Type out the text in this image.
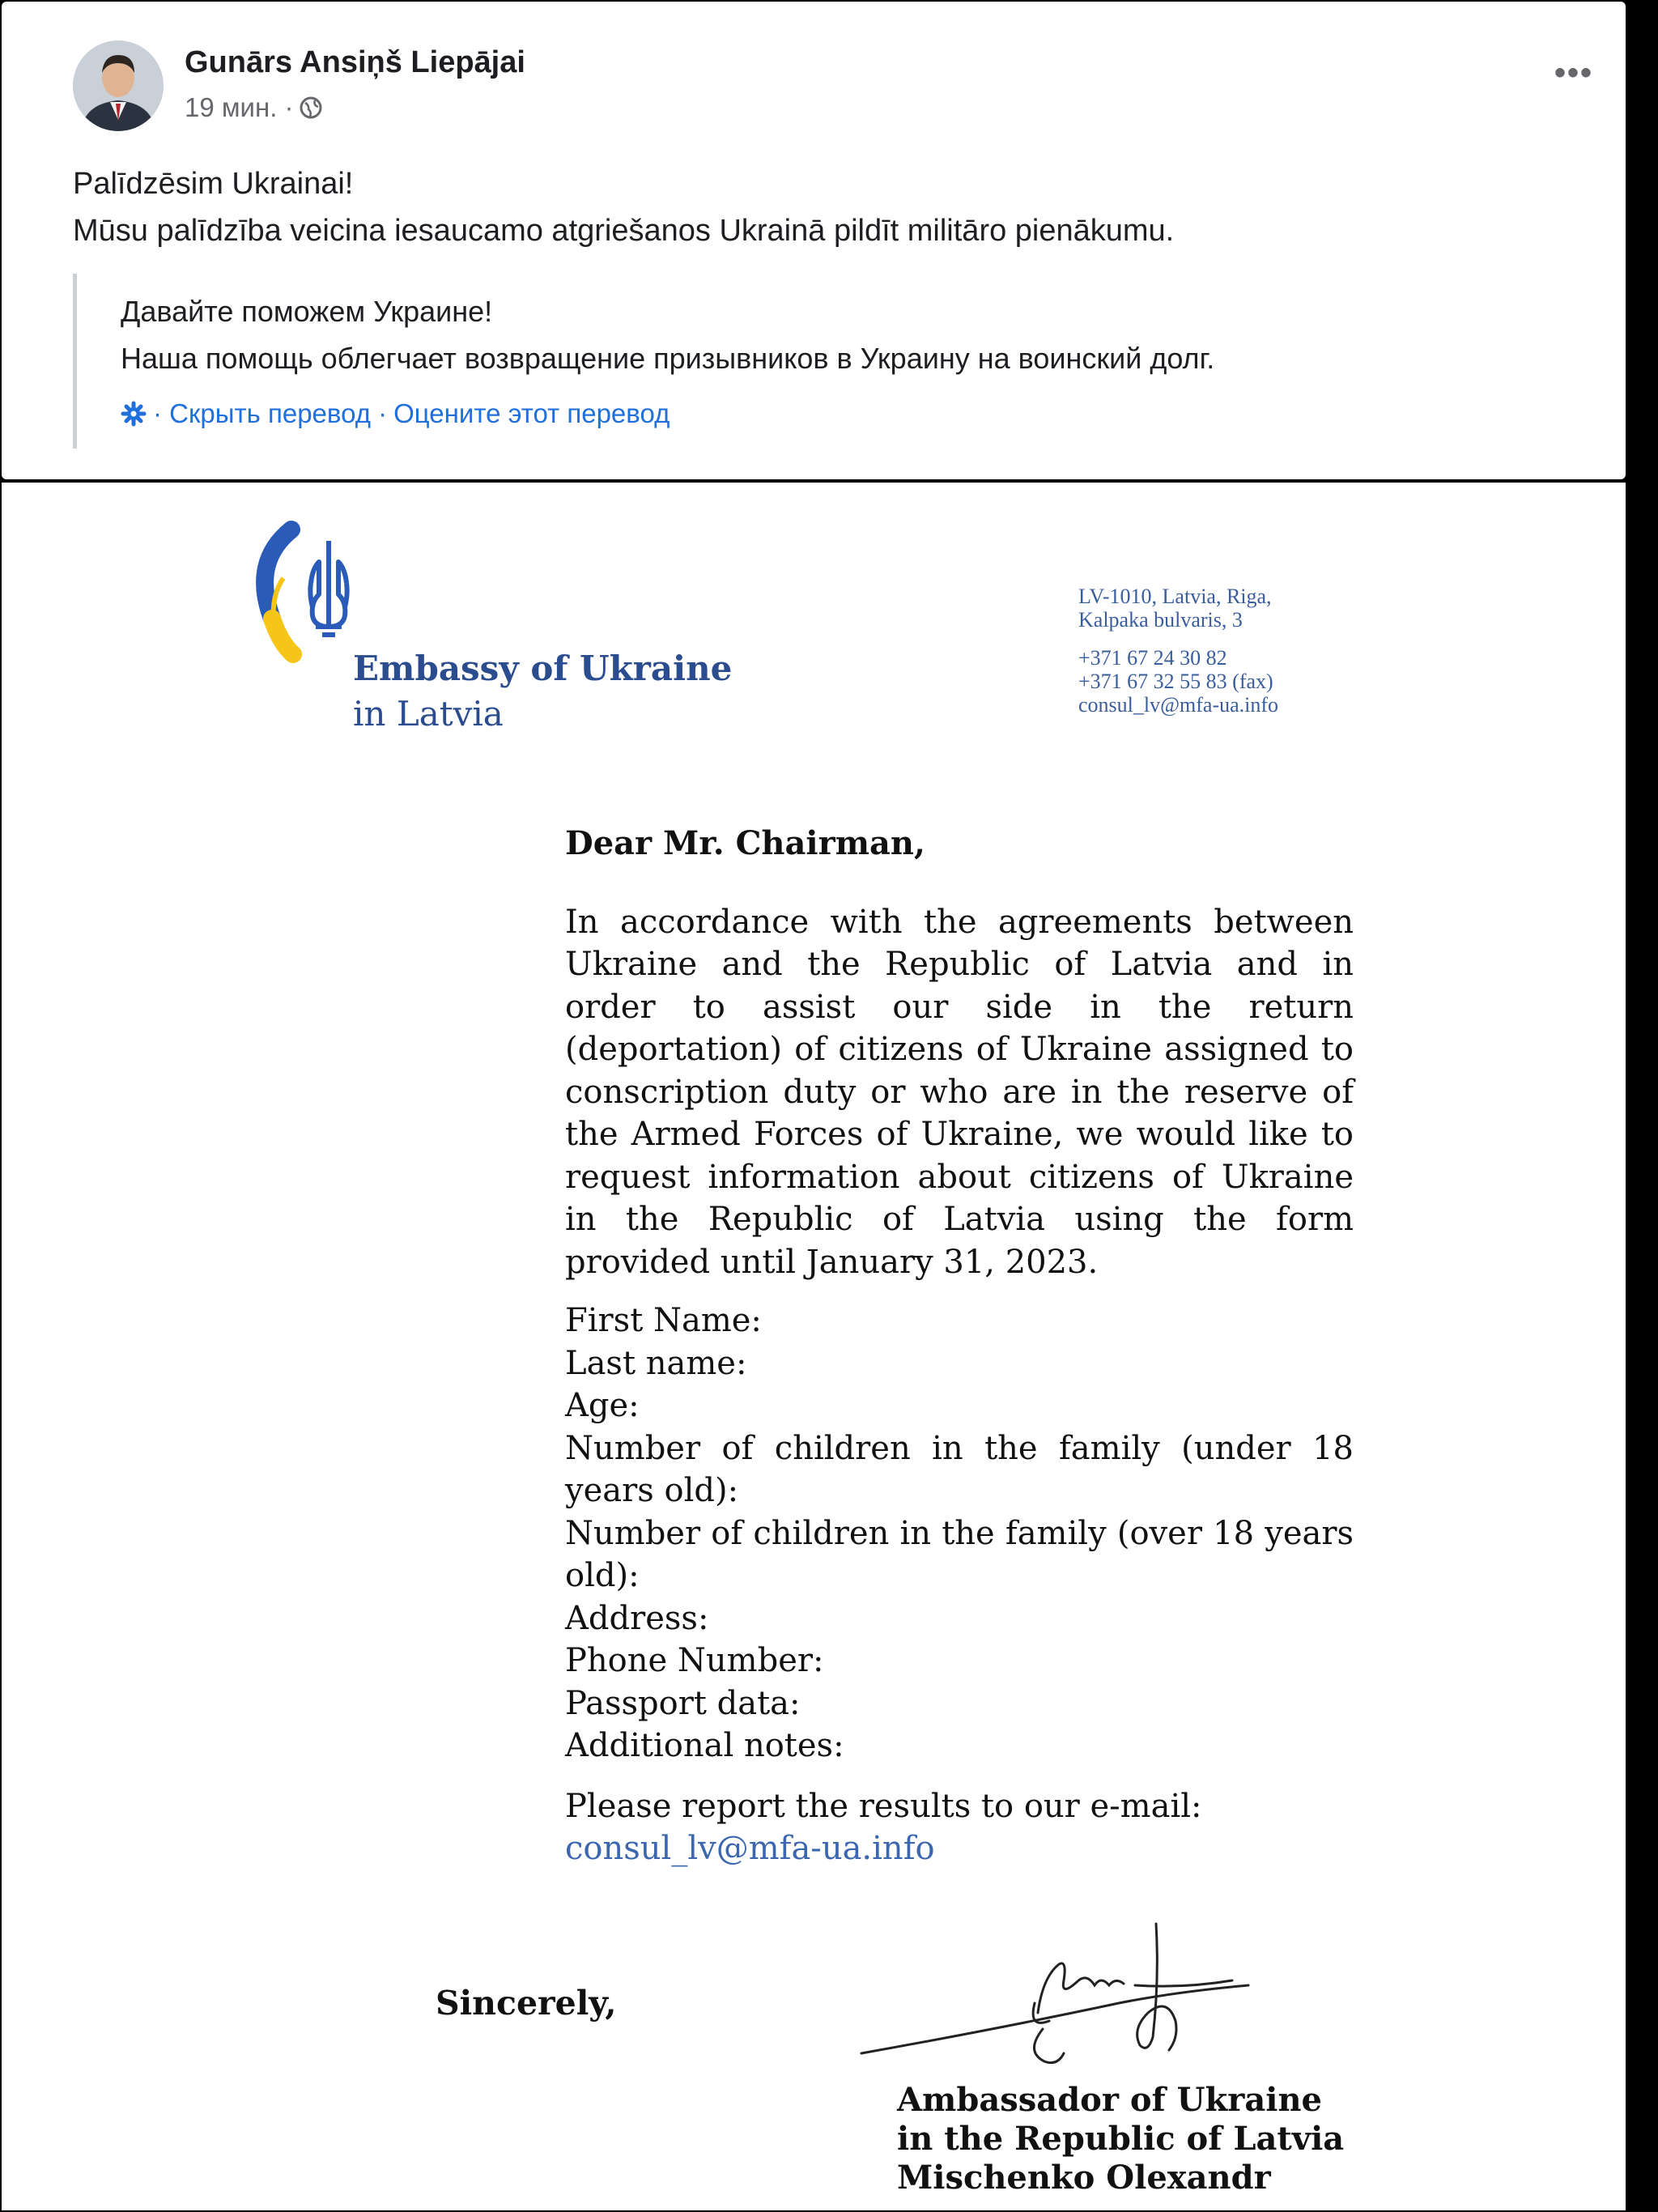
Gunārs Ansiņš Liepājai
19 мин. ·
•••
Palīdzēsim Ukrainai!
Mūsu palīdzība veicina iesaucamo atgriešanos Ukrainā pildīt militāro pienākumu.
Давайте поможем Украине!
Наша помощь облегчает возвращение призывников в Украину на воинский долг.
· Скрыть перевод · Оцените этот перевод
Embassy of Ukraine
in Latvia
LV-1010, Latvia, Riga,
Kalpaka bulvaris, 3
+371 67 24 30 82
+371 67 32 55 83 (fax)
consul_lv@mfa-ua.info
Dear Mr. Chairman,
In accordance with the agreements between Ukraine and the Republic of Latvia and in order to assist our side in the return (deportation) of citizens of Ukraine assigned to conscription duty or who are in the reserve of the Armed Forces of Ukraine, we would like to request information about citizens of Ukraine in the Republic of Latvia using the form provided until January 31, 2023.
First Name:
Last name:
Age:
Number of children in the family (under 18 years old):
Number of children in the family (over 18 years old):
Address:
Phone Number:
Passport data:
Additional notes:
Please report the results to our e-mail:
consul_lv@mfa-ua.info
Sincerely,
Ambassador of Ukraine
in the Republic of Latvia
Mischenko Olexandr
